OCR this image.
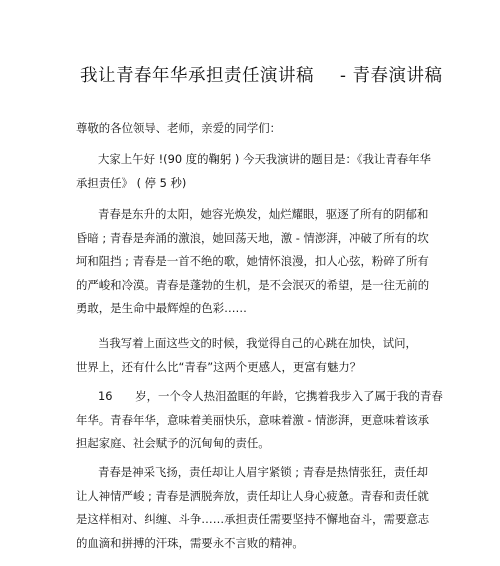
我让青春年华承担责任演讲稿 - 青春演讲稿
尊敬的各位领导、老师，亲爱的同学们：
大家上午好 !(90 度的鞠躬 ) 今天我演讲的题目是：《我让青春年华
承担责任》 ( 停 5 秒)
青春是东升的太阳，她容光焕发，灿烂耀眼，驱逐了所有的阴郁和
昏暗 ; 青春是奔涌的激浪，她回荡天地，激 - 情澎湃，冲破了所有的坎
坷和阻挡 ; 青春是一首不绝的歌，她情怀浪漫，扣人心弦，粉碎了所有
的严峻和冷漠。青春是蓬勃的生机，是不会泯灭的希望，是一往无前的
勇敢，是生命中最辉煌的色彩……
当我写着上面这些文的时候，我觉得自己的心跳在加快，试问，
世界上，还有什么比“青春”这两个更感人，更富有魅力？
16　　岁，一个令人热泪盈眶的年龄，它携着我步入了属于我的青春
年华。青春年华，意味着美丽快乐，意味着激 - 情澎湃，更意味着该承
担起家庭、社会赋予的沉甸甸的责任。
青春是神采飞扬，责任却让人眉宇紧锁 ; 青春是热情张狂，责任却
让人神情严峻 ; 青春是洒脱奔放，责任却让人身心疲惫。青春和责任就
是这样相对、纠缠、斗争……承担责任需要坚持不懈地奋斗，需要意志
的血滴和拼搏的汗珠，需要永不言败的精神。
